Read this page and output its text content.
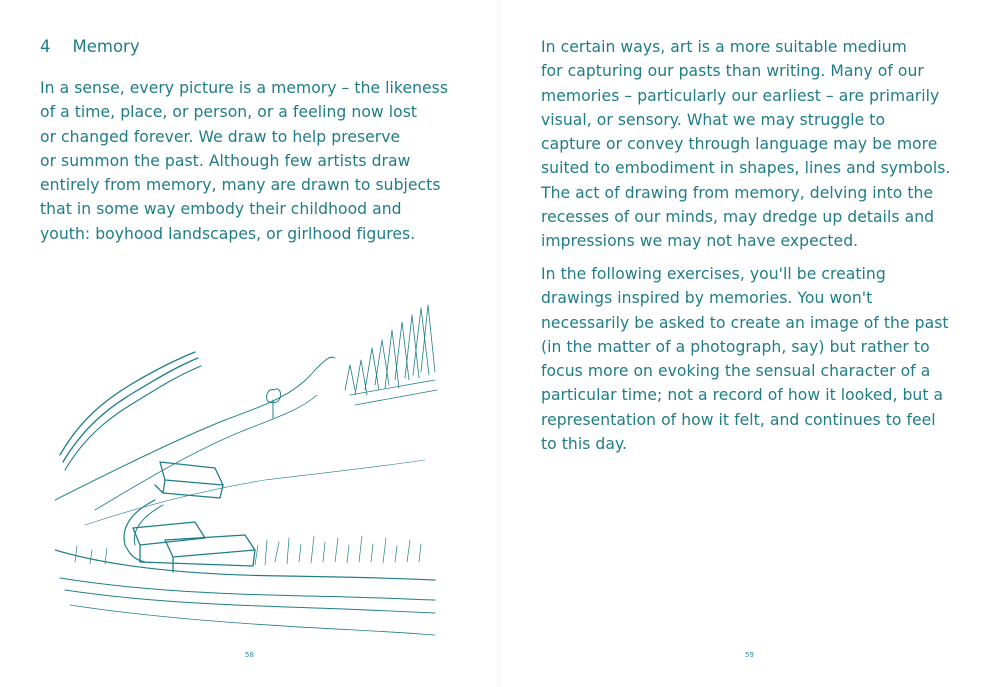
4 Memory

In a sense, every picture is a memory – the likeness
of a time, place, or person, or a feeling now lost
or changed forever. We draw to help preserve
or summon the past. Although few artists draw
entirely from memory, many are drawn to subjects
that in some way embody their childhood and
youth: boyhood landscapes, or girlhood figures.

58

In certain ways, art is a more suitable medium
for capturing our pasts than writing. Many of our
memories – particularly our earliest – are primarily
visual, or sensory. What we may struggle to
capture or convey through language may be more
suited to embodiment in shapes, lines and symbols.
The act of drawing from memory, delving into the
recesses of our minds, may dredge up details and
impressions we may not have expected.

In the following exercises, you'll be creating
drawings inspired by memories. You won't
necessarily be asked to create an image of the past
(in the matter of a photograph, say) but rather to
focus more on evoking the sensual character of a
particular time; not a record of how it looked, but a
representation of how it felt, and continues to feel
to this day.

59
